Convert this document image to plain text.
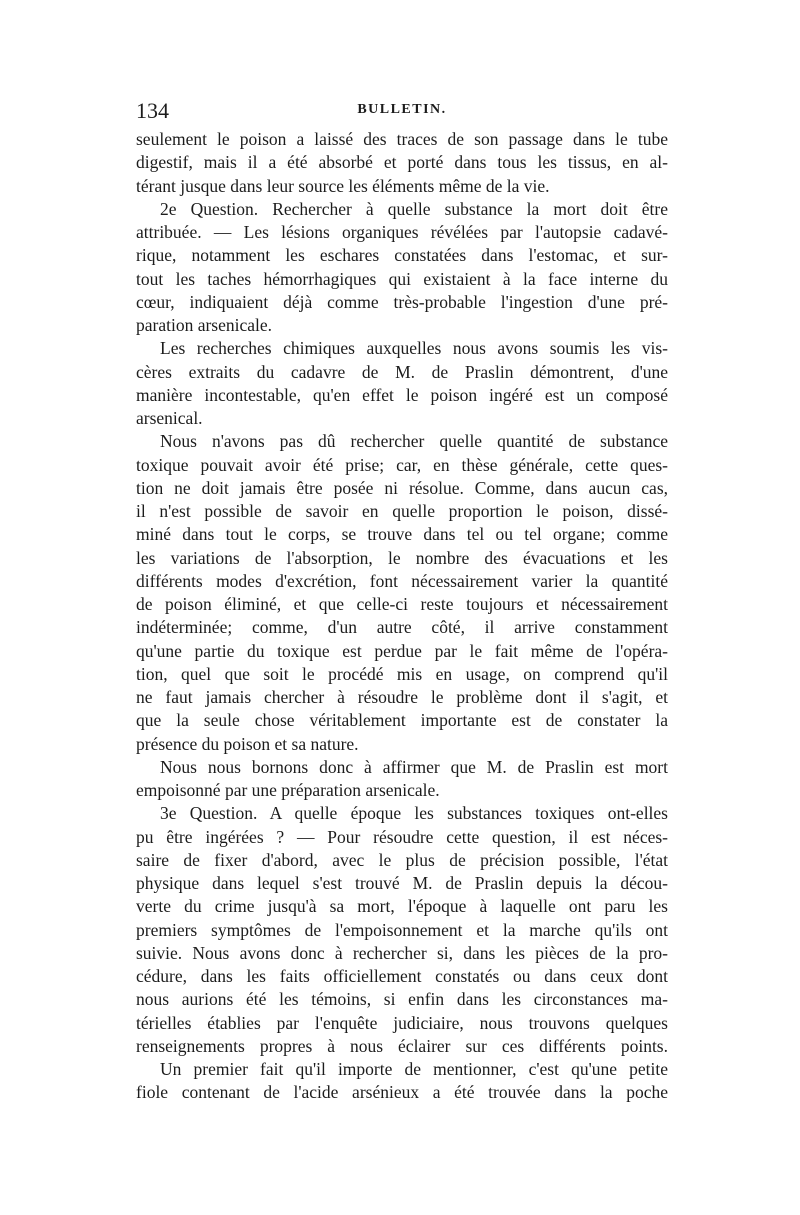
134	BULLETIN.
seulement le poison a laissé des traces de son passage dans le tube
digestif, mais il a été absorbé et porté dans tous les tissus, en al-
térant jusque dans leur source les éléments même de la vie.
2e Question. Rechercher à quelle substance la mort doit être
attribuée. — Les lésions organiques révélées par l'autopsie cadavé-
rique, notamment les eschares constatées dans l'estomac, et sur-
tout les taches hémorrhagiques qui existaient à la face interne du
cœur, indiquaient déjà comme très-probable l'ingestion d'une pré-
paration arsenicale.
Les recherches chimiques auxquelles nous avons soumis les vis-
cères extraits du cadavre de M. de Praslin démontrent, d'une
manière incontestable, qu'en effet le poison ingéré est un composé
arsenical.
Nous n'avons pas dû rechercher quelle quantité de substance
toxique pouvait avoir été prise; car, en thèse générale, cette ques-
tion ne doit jamais être posée ni résolue. Comme, dans aucun cas,
il n'est possible de savoir en quelle proportion le poison, dissé-
miné dans tout le corps, se trouve dans tel ou tel organe; comme
les variations de l'absorption, le nombre des évacuations et les
différents modes d'excrétion, font nécessairement varier la quantité
de poison éliminé, et que celle-ci reste toujours et nécessairement
indéterminée; comme, d'un autre côté, il arrive constamment
qu'une partie du toxique est perdue par le fait même de l'opéra-
tion, quel que soit le procédé mis en usage, on comprend qu'il
ne faut jamais chercher à résoudre le problème dont il s'agit, et
que la seule chose véritablement importante est de constater la
présence du poison et sa nature.
Nous nous bornons donc à affirmer que M. de Praslin est mort
empoisonné par une préparation arsenicale.
3e Question. A quelle époque les substances toxiques ont-elles
pu être ingérées ? — Pour résoudre cette question, il est néces-
saire de fixer d'abord, avec le plus de précision possible, l'état
physique dans lequel s'est trouvé M. de Praslin depuis la décou-
verte du crime jusqu'à sa mort, l'époque à laquelle ont paru les
premiers symptômes de l'empoisonnement et la marche qu'ils ont
suivie. Nous avons donc à rechercher si, dans les pièces de la pro-
cédure, dans les faits officiellement constatés ou dans ceux dont
nous aurions été les témoins, si enfin dans les circonstances ma-
térielles établies par l'enquête judiciaire, nous trouvons quelques
renseignements propres à nous éclairer sur ces différents points.
Un premier fait qu'il importe de mentionner, c'est qu'une petite
fiole contenant de l'acide arsénieux a été trouvée dans la poche
